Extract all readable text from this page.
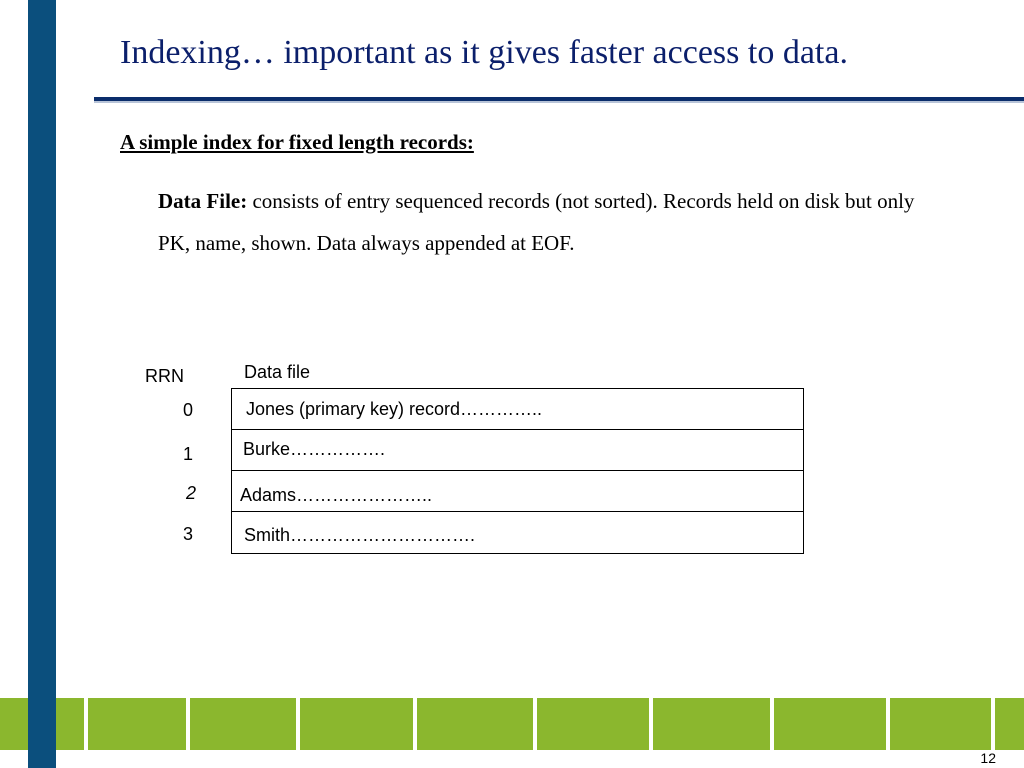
Indexing… important as it gives faster access to data.
A simple index for fixed length records:
Data File: consists of entry sequenced records (not sorted). Records held on disk but only PK, name, shown. Data always appended at EOF.
RRN	Data file
0
1
2
3
Jones (primary key) record…………..
Burke…………….
Adams…………………..
Smith………………………….
12
